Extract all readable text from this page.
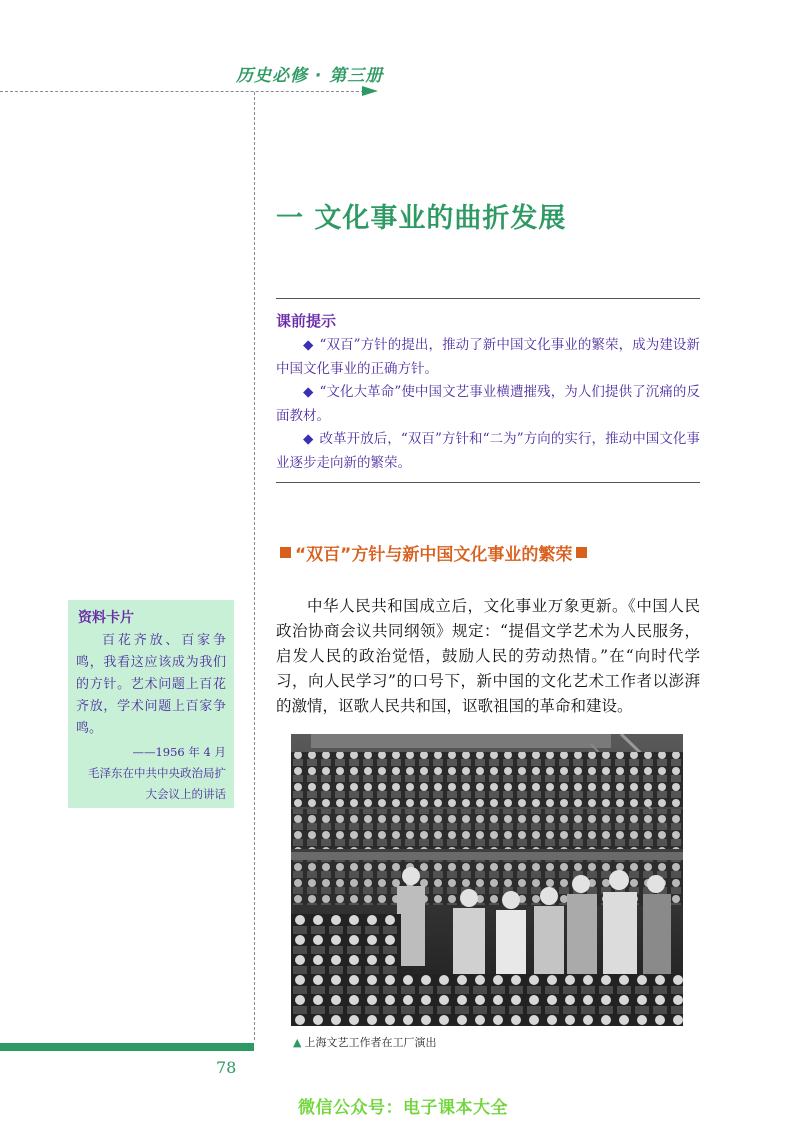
历史必修 · 第三册
一 文化事业的曲折发展
课前提示
◆ “双百”方针的提出，推动了新中国文化事业的繁荣，成为建设新中国文化事业的正确方针。
◆ “文化大革命”使中国文艺事业横遭摧残，为人们提供了沉痛的反面教材。
◆ 改革开放后，“双百”方针和“二为”方向的实行，推动中国文化事业逐步走向新的繁荣。
“双百”方针与新中国文化事业的繁荣

中华人民共和国成立后，文化事业万象更新。《中国人民政治协商会议共同纲领》规定：“提倡文学艺术为人民服务，启发人民的政治觉悟，鼓励人民的劳动热情。”在“向时代学习，向人民学习”的口号下，新中国的文化艺术工作者以澎湃的激情，讴歌人民共和国，讴歌祖国的革命和建设。

资料卡片

百花齐放、百家争鸣，我看这应该成为我们的方针。艺术问题上百花齐放，学术问题上百家争鸣。

——1956 年 4 月
毛泽东在中共中央政治局扩
大会议上的讲话
▲ 上海文艺工作者在工厂演出
78
微信公众号：电子课本大全
